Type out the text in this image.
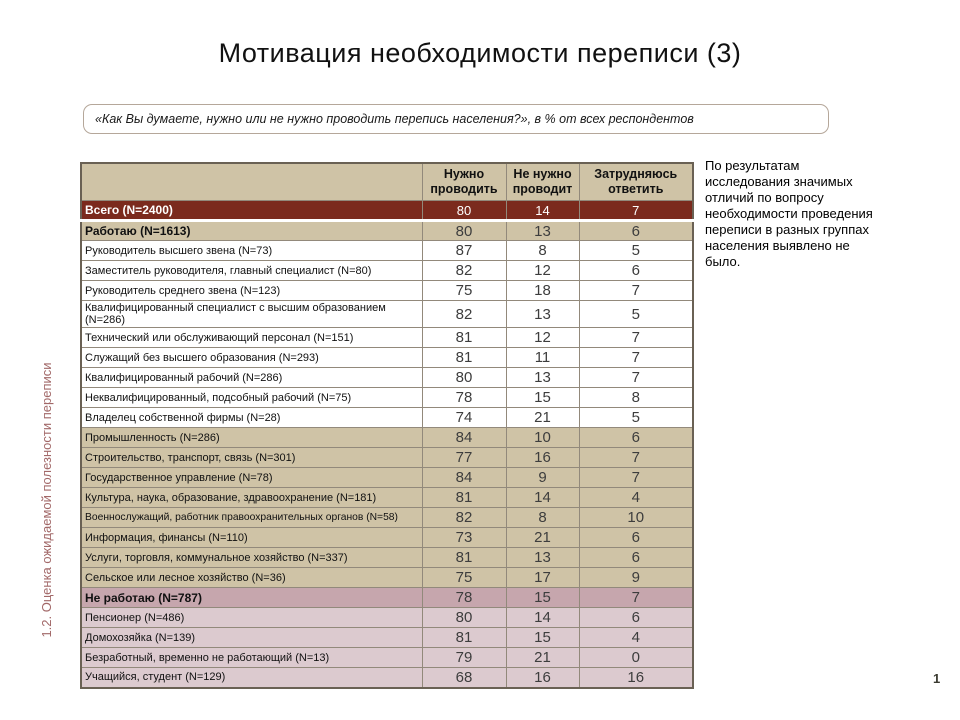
Мотивация необходимости переписи (3)
«Как Вы думаете, нужно или не нужно проводить перепись населения?», в % от всех респондентов
1.2. Оценка ожидаемой полезности переписи
	Нужно проводить	Не нужно проводит	Затрудняюсь ответить
Всего (N=2400)	80	14	7
Работаю (N=1613)	80	13	6
Руководитель высшего звена (N=73)	87	8	5
Заместитель руководителя, главный специалист (N=80)	82	12	6
Руководитель среднего звена (N=123)	75	18	7
Квалифицированный специалист с высшим образованием (N=286)	82	13	5
Технический или обслуживающий персонал (N=151)	81	12	7
Служащий без высшего образования (N=293)	81	11	7
Квалифицированный рабочий (N=286)	80	13	7
Неквалифицированный, подсобный рабочий (N=75)	78	15	8
Владелец собственной фирмы (N=28)	74	21	5
Промышленность (N=286)	84	10	6
Строительство, транспорт, связь (N=301)	77	16	7
Государственное управление (N=78)	84	9	7
Культура, наука, образование, здравоохранение (N=181)	81	14	4
Военнослужащий, работник правоохранительных органов (N=58)	82	8	10
Информация, финансы (N=110)	73	21	6
Услуги, торговля, коммунальное хозяйство (N=337)	81	13	6
Сельское или лесное хозяйство (N=36)	75	17	9
Не работаю (N=787)	78	15	7
Пенсионер (N=486)	80	14	6
Домохозяйка (N=139)	81	15	4
Безработный, временно не работающий (N=13)	79	21	0
Учащийся, студент (N=129)	68	16	16
По результатам исследования значимых отличий по вопросу необходимости проведения переписи в разных группах населения выявлено не было.
1
